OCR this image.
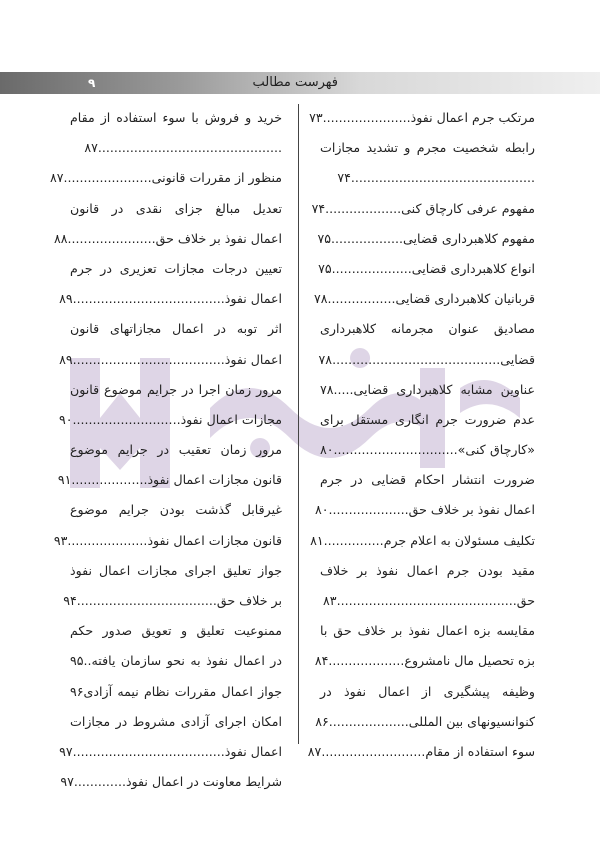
فهرست مطالب
۹
مرتکب جرم اعمال نفوذ......................۷۳
رابطه شخصیت مجرم و تشدید مجازات
..............................................۷۴
مفهوم عرفی کارچاق کنی...................۷۴
مفهوم کلاهبرداری قضایی..................۷۵
انواع کلاهبرداری قضایی....................۷۵
قربانیان کلاهبرداری قضایی.................۷۸
مصادیق عنوان مجرمانه کلاهبرداری
قضایی..........................................۷۸
عناوین مشابه کلاهبرداری قضایی.....۷۸
عدم ضرورت جرم انگاری مستقل برای
«کارچاق کنی»...............................۸۰
ضرورت انتشار احکام قضایی در جرم
اعمال نفوذ بر خلاف حق....................۸۰
تکلیف مسئولان به اعلام جرم...............۸۱
مقید بودن جرم اعمال نفوذ بر خلاف
حق.............................................۸۳
مقایسه بزه اعمال نفوذ بر خلاف حق با
بزه تحصیل مال نامشروع...................۸۴
وظیفه پیشگیری از اعمال نفوذ در
کنوانسیونهای بین المللی....................۸۶
سوء استفاده از مقام..........................۸۷
خرید و فروش با سوء استفاده از مقام
..............................................۸۷
منظور از مقررات قانونی......................۸۷
تعدیل مبالغ جزای نقدی در قانون
اعمال نفوذ بر خلاف حق......................۸۸
تعیین درجات مجازات تعزیری در جرم
اعمال نفوذ......................................۸۹
اثر توبه در اعمال مجازاتهای قانون
اعمال نفوذ......................................۸۹
مرور زمان اجرا در جرایم موضوع قانون
مجازات اعمال نفوذ...........................۹۰
مرور زمان تعقیب در جرایم موضوع
قانون مجازات اعمال نفوذ...................۹۱
غیرقابل گذشت بودن جرایم موضوع
قانون مجازات اعمال نفوذ....................۹۳
جواز تعلیق اجرای مجازات اعمال نفوذ
بر خلاف حق...................................۹۴
ممنوعیت تعلیق و تعویق صدور حکم
در اعمال نفوذ به نحو سازمان یافته..۹۵
جواز اعمال مقررات نظام نیمه آزادی۹۶
امکان اجرای آزادی مشروط در مجازات
اعمال نفوذ......................................۹۷
شرایط معاونت در اعمال نفوذ.............۹۷
